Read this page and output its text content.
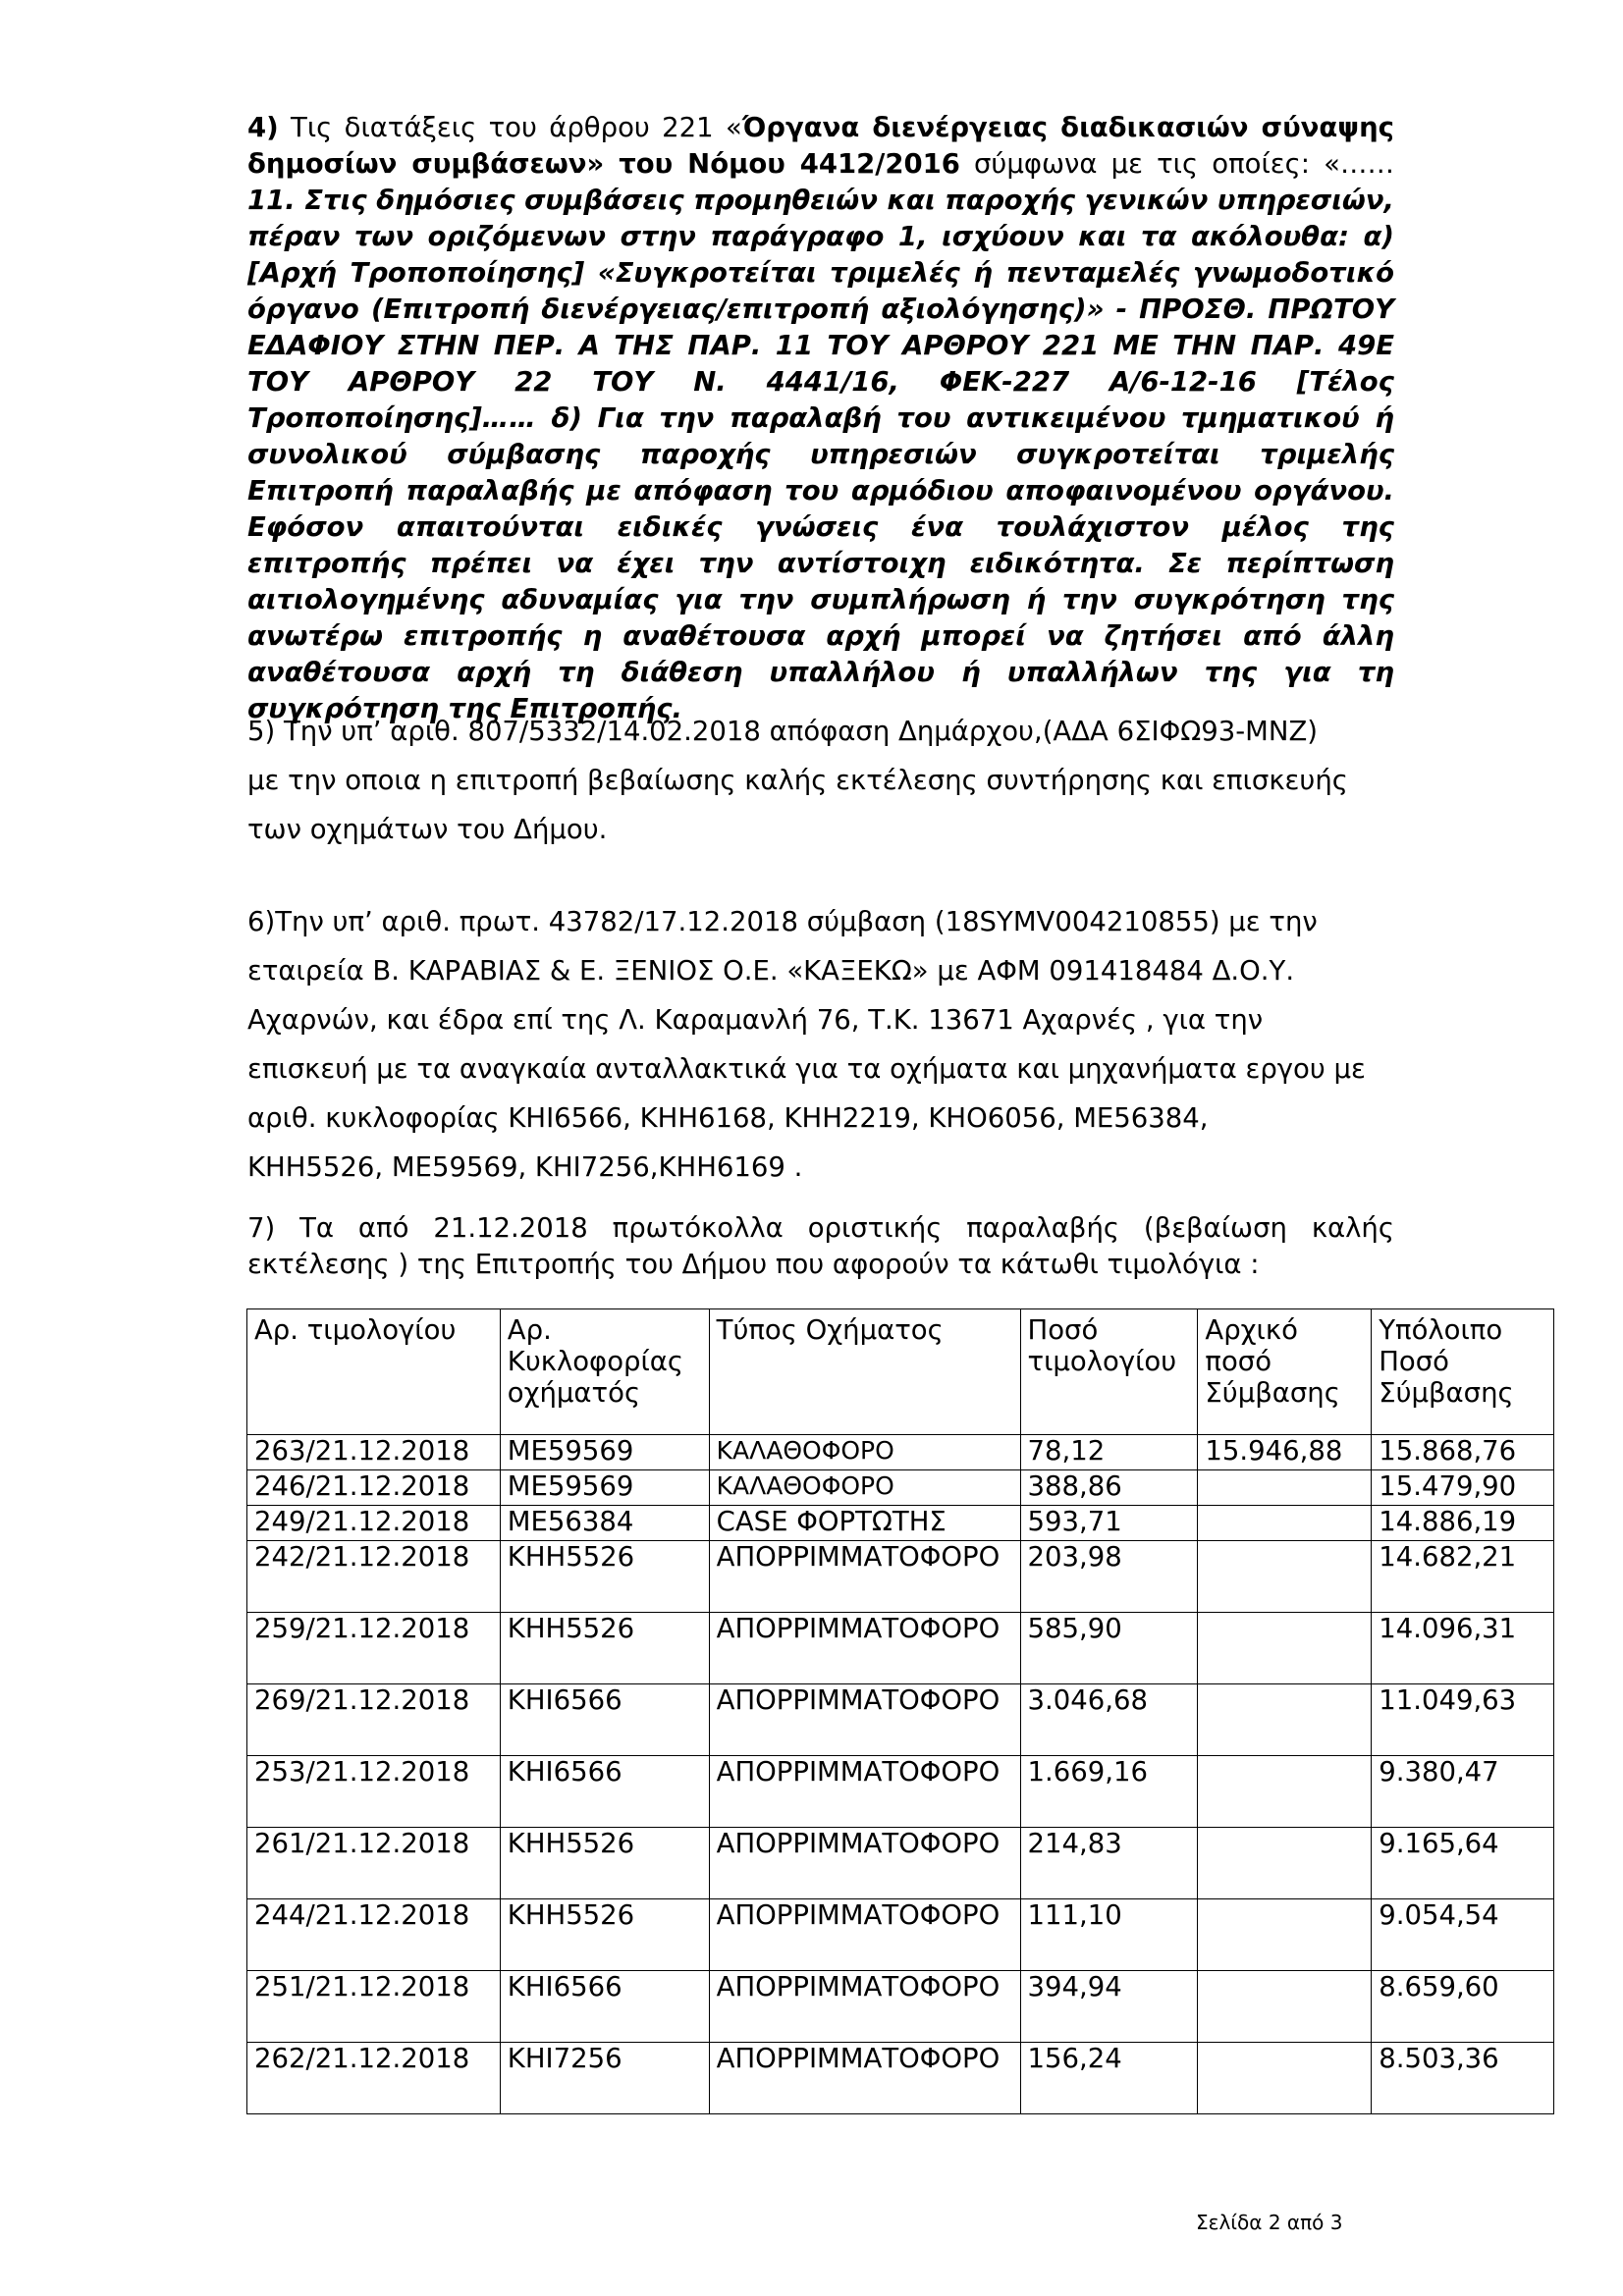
4) Τις διατάξεις του άρθρου 221 «Όργανα διενέργειας διαδικασιών σύναψης δημοσίων συμβάσεων» του Νόμου 4412/2016 σύμφωνα με τις οποίες: «……11. Στις δημόσιες συμβάσεις προμηθειών και παροχής γενικών υπηρεσιών, πέραν των οριζόμενων στην παράγραφο 1, ισχύουν και τα ακόλουθα: α) [Αρχή Τροποποίησης] «Συγκροτείται τριμελές ή πενταμελές γνωμοδοτικό όργανο (Επιτροπή διενέργειας/επιτροπή αξιολόγησης)» - ΠΡΟΣΘ. ΠΡΩΤΟΥ ΕΔΑΦΙΟΥ ΣΤΗΝ ΠΕΡ. Α ΤΗΣ ΠΑΡ. 11 ΤΟΥ ΑΡΘΡΟΥ 221 ΜΕ ΤΗΝ ΠΑΡ. 49Ε ΤΟΥ ΑΡΘΡΟΥ 22 ΤΟΥ Ν. 4441/16, ΦΕΚ-227 Α/6-12-16 [Τέλος Τροποποίησης]…… δ) Για την παραλαβή του αντικειμένου τμηματικού ή συνολικού σύμβασης παροχής υπηρεσιών συγκροτείται τριμελής Επιτροπή παραλαβής με απόφαση του αρμόδιου αποφαινομένου οργάνου. Εφόσον απαιτούνται ειδικές γνώσεις ένα τουλάχιστον μέλος της επιτροπής πρέπει να έχει την αντίστοιχη ειδικότητα. Σε περίπτωση αιτιολογημένης αδυναμίας για την συμπλήρωση ή την συγκρότηση της ανωτέρω επιτροπής η αναθέτουσα αρχή μπορεί να ζητήσει από άλλη αναθέτουσα αρχή τη διάθεση υπαλλήλου ή υπαλλήλων της για τη συγκρότηση της Επιτροπής.
5) Την υπ’ αριθ. 807/5332/14.02.2018 απόφαση Δημάρχου,(ΑΔΑ 6ΣΙΦΩ93-ΜΝΖ)
με την οποια η επιτροπή βεβαίωσης καλής εκτέλεσης συντήρησης και επισκευής
των οχημάτων του Δήμου.
6)Την υπ’ αριθ. πρωτ. 43782/17.12.2018 σύμβαση (18SYMV004210855) με την
εταιρεία Β. ΚΑΡΑΒΙΑΣ & Ε. ΞΕΝΙΟΣ Ο.Ε. «ΚΑΞΕΚΩ» με ΑΦΜ 091418484 Δ.Ο.Υ.
Αχαρνών, και έδρα επί της Λ. Καραμανλή 76, Τ.Κ. 13671 Αχαρνές , για την
επισκευή με τα αναγκαία ανταλλακτικά για τα οχήματα και μηχανήματα εργου με
αριθ. κυκλοφορίας ΚΗΙ6566, ΚΗΗ6168, ΚΗΗ2219, ΚΗΟ6056, ΜΕ56384,
ΚΗΗ5526, ΜΕ59569, ΚΗΙ7256,ΚΗΗ6169 .
7) Τα από 21.12.2018 πρωτόκολλα οριστικής παραλαβής (βεβαίωση καλής εκτέλεσης ) της Επιτροπής του Δήμου που αφορούν τα κάτωθι τιμολόγια :
Αρ. τιμολογίου	Αρ. Κυκλοφορίας οχήματός	Τύπος Οχήματος	Ποσό τιμολογίου	Αρχικό ποσό Σύμβασης	Υπόλοιπο Ποσό Σύμβασης
263/21.12.2018	ΜΕ59569	ΚΑΛΑΘΟΦΟΡΟ	78,12	15.946,88	15.868,76
246/21.12.2018	ΜΕ59569	ΚΑΛΑΘΟΦΟΡΟ	388,86		15.479,90
249/21.12.2018	ΜΕ56384	CASE ΦΟΡΤΩΤΗΣ	593,71		14.886,19
242/21.12.2018	ΚΗΗ5526	ΑΠΟΡΡΙΜΜΑΤΟΦΟΡΟ	203,98		14.682,21
259/21.12.2018	ΚΗΗ5526	ΑΠΟΡΡΙΜΜΑΤΟΦΟΡΟ	585,90		14.096,31
269/21.12.2018	ΚΗΙ6566	ΑΠΟΡΡΙΜΜΑΤΟΦΟΡΟ	3.046,68		11.049,63
253/21.12.2018	ΚΗΙ6566	ΑΠΟΡΡΙΜΜΑΤΟΦΟΡΟ	1.669,16		9.380,47
261/21.12.2018	ΚΗΗ5526	ΑΠΟΡΡΙΜΜΑΤΟΦΟΡΟ	214,83		9.165,64
244/21.12.2018	ΚΗΗ5526	ΑΠΟΡΡΙΜΜΑΤΟΦΟΡΟ	111,10		9.054,54
251/21.12.2018	ΚΗΙ6566	ΑΠΟΡΡΙΜΜΑΤΟΦΟΡΟ	394,94		8.659,60
262/21.12.2018	ΚΗΙ7256	ΑΠΟΡΡΙΜΜΑΤΟΦΟΡΟ	156,24		8.503,36
Σελίδα 2 από 3
